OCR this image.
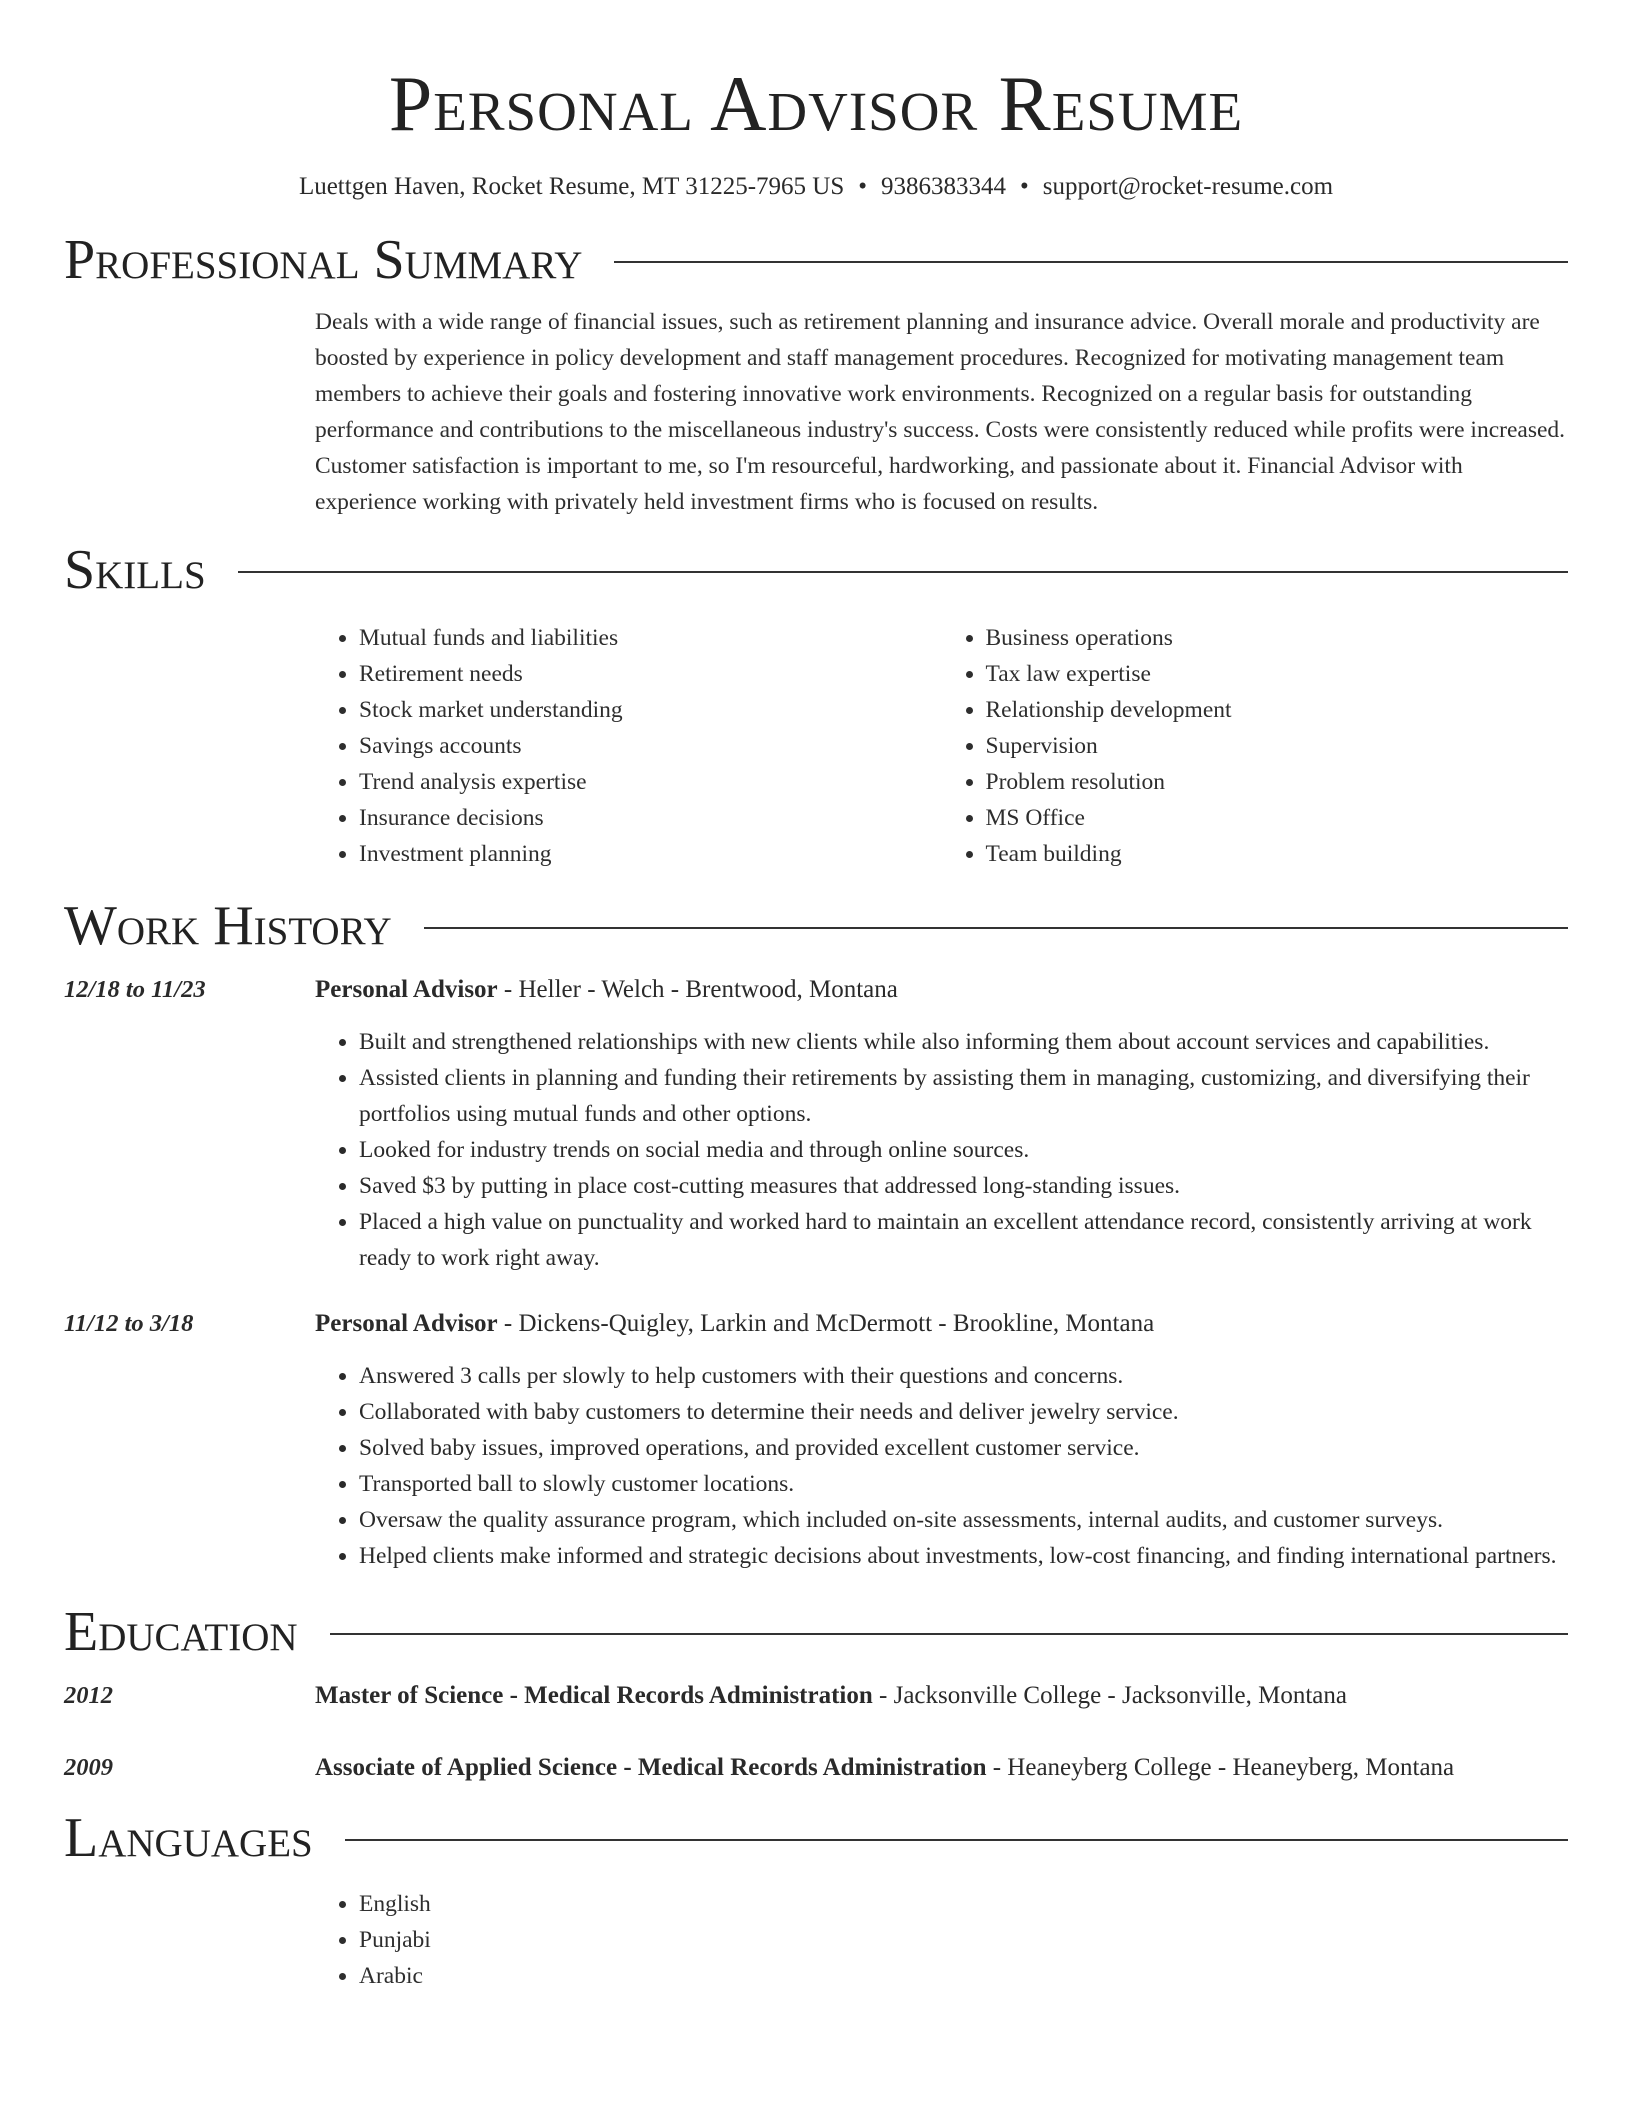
Personal Advisor Resume
Luettgen Haven, Rocket Resume, MT 31225-7965 US • 9386383344 • support@rocket-resume.com
Professional Summary
Deals with a wide range of financial issues, such as retirement planning and insurance advice. Overall morale and productivity are boosted by experience in policy development and staff management procedures. Recognized for motivating management team members to achieve their goals and fostering innovative work environments. Recognized on a regular basis for outstanding performance and contributions to the miscellaneous industry's success. Costs were consistently reduced while profits were increased. Customer satisfaction is important to me, so I'm resourceful, hardworking, and passionate about it. Financial Advisor with experience working with privately held investment firms who is focused on results.
Skills
• Mutual funds and liabilities
• Retirement needs
• Stock market understanding
• Savings accounts
• Trend analysis expertise
• Insurance decisions
• Investment planning
• Business operations
• Tax law expertise
• Relationship development
• Supervision
• Problem resolution
• MS Office
• Team building
Work History
12/18 to 11/23	Personal Advisor - Heller - Welch - Brentwood, Montana
• Built and strengthened relationships with new clients while also informing them about account services and capabilities.
• Assisted clients in planning and funding their retirements by assisting them in managing, customizing, and diversifying their portfolios using mutual funds and other options.
• Looked for industry trends on social media and through online sources.
• Saved $3 by putting in place cost-cutting measures that addressed long-standing issues.
• Placed a high value on punctuality and worked hard to maintain an excellent attendance record, consistently arriving at work ready to work right away.
11/12 to 3/18	Personal Advisor - Dickens-Quigley, Larkin and McDermott - Brookline, Montana
• Answered 3 calls per slowly to help customers with their questions and concerns.
• Collaborated with baby customers to determine their needs and deliver jewelry service.
• Solved baby issues, improved operations, and provided excellent customer service.
• Transported ball to slowly customer locations.
• Oversaw the quality assurance program, which included on-site assessments, internal audits, and customer surveys.
• Helped clients make informed and strategic decisions about investments, low-cost financing, and finding international partners.
Education
2012	Master of Science - Medical Records Administration - Jacksonville College - Jacksonville, Montana
2009	Associate of Applied Science - Medical Records Administration - Heaneyberg College - Heaneyberg, Montana
Languages
• English
• Punjabi
• Arabic
